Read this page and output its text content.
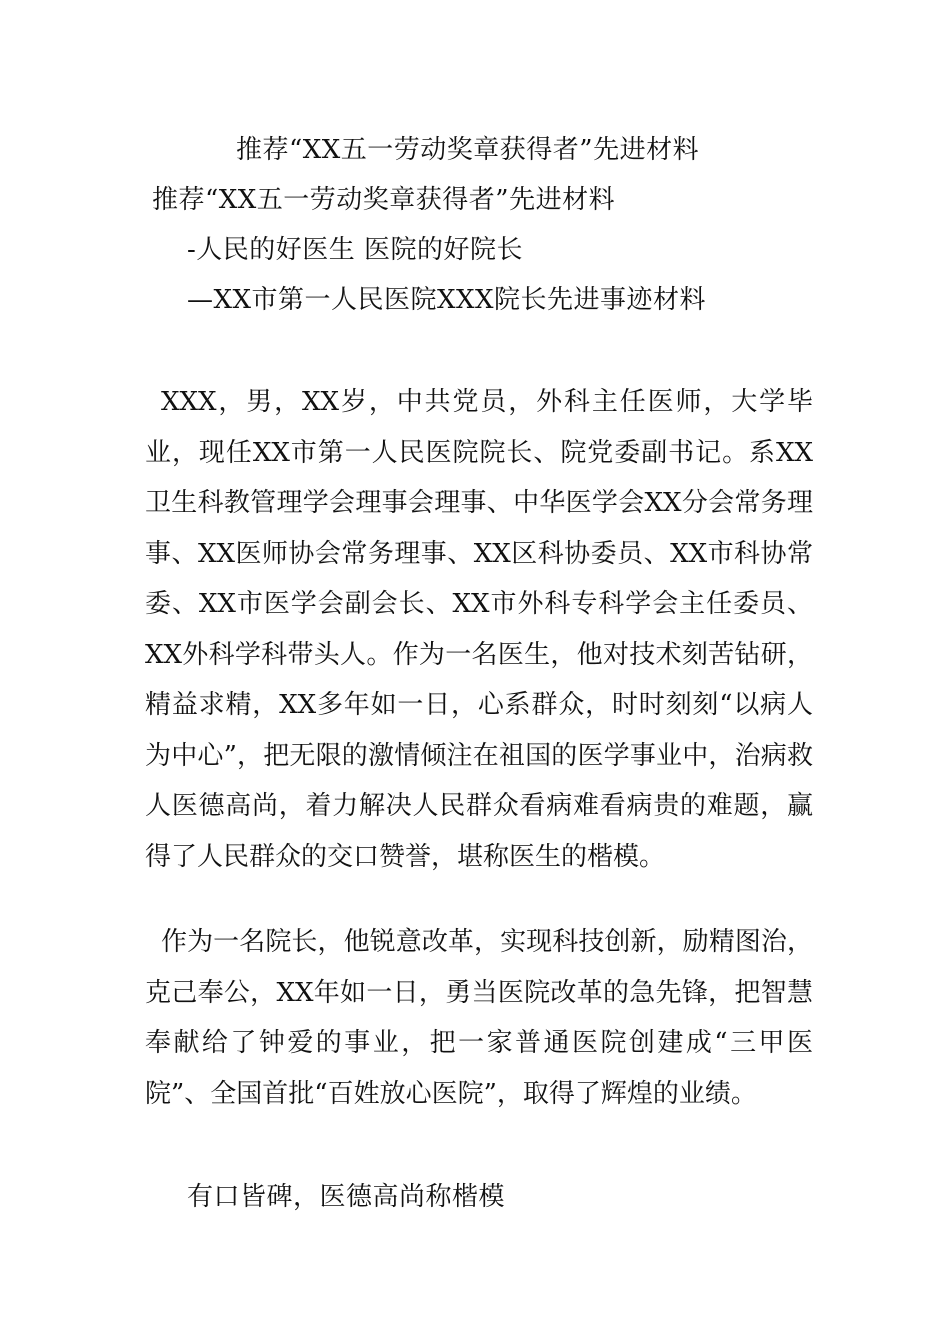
推荐“XX五一劳动奖章获得者”先进材料
推荐“XX五一劳动奖章获得者”先进材料
-人民的好医生 医院的好院长
—XX市第一人民医院XXX院长先进事迹材料

XXX，男，XX岁，中共党员，外科主任医师，大学毕业，现任XX市第一人民医院院长、院党委副书记。系XX卫生科教管理学会理事会理事、中华医学会XX分会常务理事、XX医师协会常务理事、XX区科协委员、XX市科协常委、XX市医学会副会长、XX市外科专科学会主任委员、XX外科学科带头人。作为一名医生，他对技术刻苦钻研，精益求精，XX多年如一日，心系群众，时时刻刻“以病人为中心”，把无限的激情倾注在祖国的医学事业中，治病救人医德高尚，着力解决人民群众看病难看病贵的难题，赢得了人民群众的交口赞誉，堪称医生的楷模。

作为一名院长，他锐意改革，实现科技创新，励精图治，克己奉公，XX年如一日，勇当医院改革的急先锋，把智慧奉献给了钟爱的事业，把一家普通医院创建成“三甲医院”、全国首批“百姓放心医院”，取得了辉煌的业绩。

有口皆碑，医德高尚称楷模
